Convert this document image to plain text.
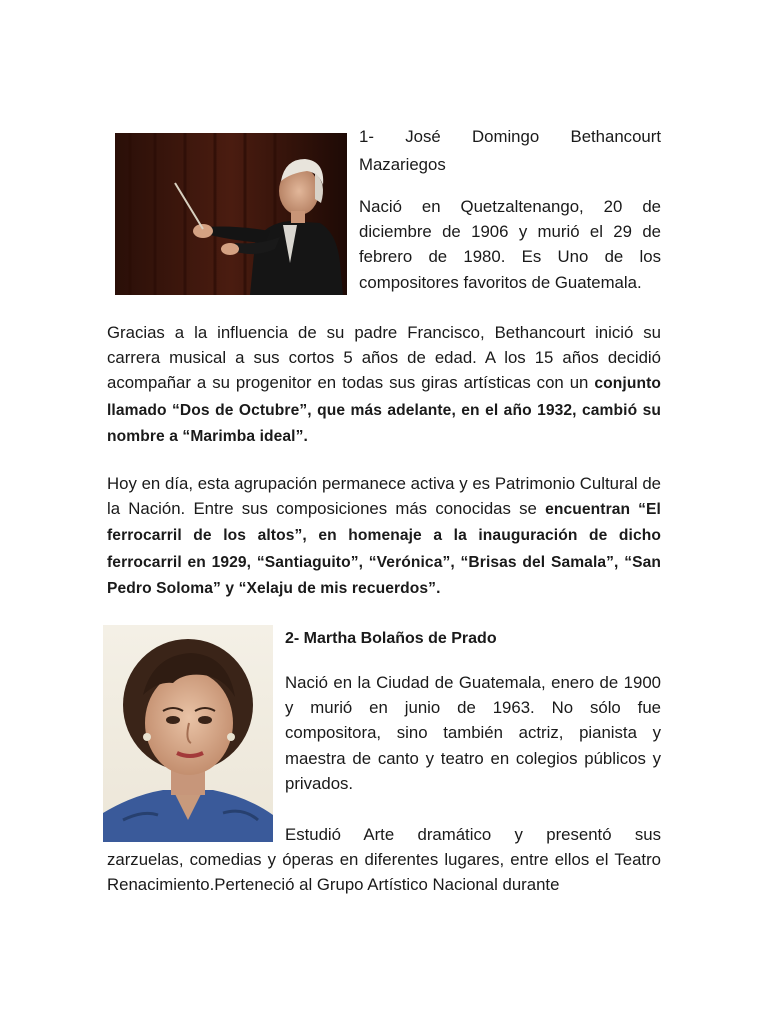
1- José Domingo Bethancourt

Mazariegos

Nació en Quetzaltenango, 20 de diciembre de 1906 y murió el 29 de febrero de 1980. Es Uno de los compositores favoritos de Guatemala.

Gracias a la influencia de su padre Francisco, Bethancourt inició su carrera musical a sus cortos 5 años de edad. A los 15 años decidió acompañar a su progenitor en todas sus giras artísticas con un conjunto llamado “Dos de Octubre”, que más adelante, en el año 1932, cambió su nombre a “Marimba ideal”.

Hoy en día, esta agrupación permanece activa y es Patrimonio Cultural de la Nación. Entre sus composiciones más conocidas se encuentran “El ferrocarril de los altos”, en homenaje a la inauguración de dicho ferrocarril en 1929, “Santiaguito”, “Verónica”, “Brisas del Samala”, “San Pedro Soloma” y “Xelaju de mis recuerdos”.

2- Martha Bolaños de Prado

Nació en la Ciudad de Guatemala, enero de 1900 y murió en junio de 1963. No sólo fue compositora, sino también actriz, pianista y maestra de canto y teatro en colegios públicos y privados.

Estudió Arte dramático y presentó sus
zarzuelas, comedias y óperas en diferentes lugares, entre ellos el Teatro Renacimiento.Perteneció al Grupo Artístico Nacional durante
